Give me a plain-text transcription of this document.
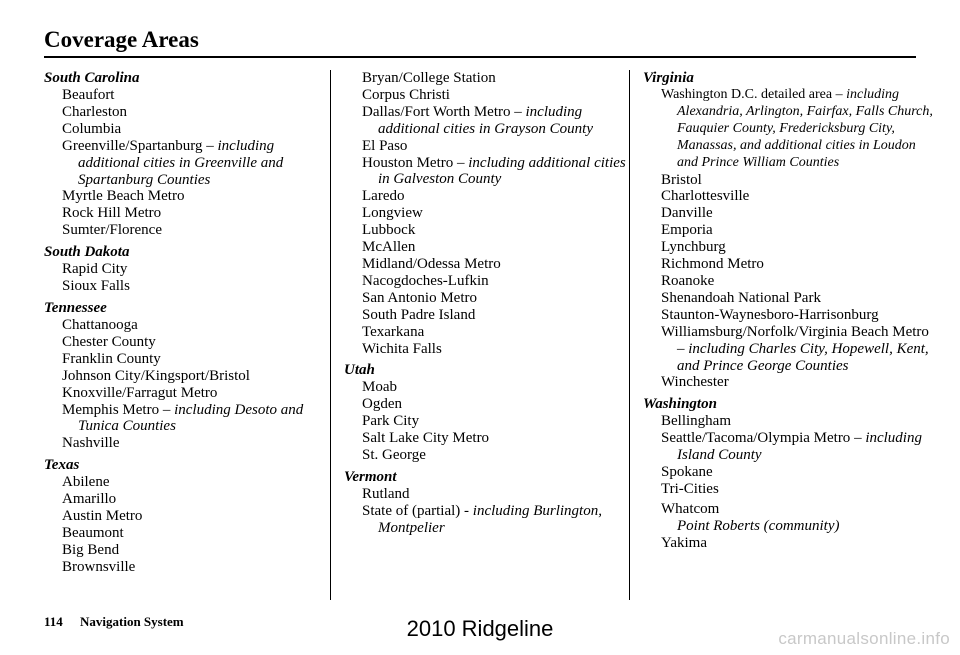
Coverage Areas
South Carolina
Beaufort
Charleston
Columbia
Greenville/Spartanburg – including additional cities in Greenville and Spartanburg Counties
Myrtle Beach Metro
Rock Hill Metro
Sumter/Florence
South Dakota
Rapid City
Sioux Falls
Tennessee
Chattanooga
Chester County
Franklin County
Johnson City/Kingsport/Bristol
Knoxville/Farragut Metro
Memphis Metro – including Desoto and Tunica Counties
Nashville
Texas
Abilene
Amarillo
Austin Metro
Beaumont
Big Bend
Brownsville
Bryan/College Station
Corpus Christi
Dallas/Fort Worth Metro – including additional cities in Grayson County
El Paso
Houston Metro – including additional cities in Galveston County
Laredo
Longview
Lubbock
McAllen
Midland/Odessa Metro
Nacogdoches-Lufkin
San Antonio Metro
South Padre Island
Texarkana
Wichita Falls
Utah
Moab
Ogden
Park City
Salt Lake City Metro
St. George
Vermont
Rutland
State of (partial) - including Burlington, Montpelier
Virginia
Washington D.C. detailed area – including Alexandria, Arlington, Fairfax, Falls Church, Fauquier County, Fredericksburg City, Manassas, and additional cities in Loudon and Prince William Counties
Bristol
Charlottesville
Danville
Emporia
Lynchburg
Richmond Metro
Roanoke
Shenandoah National Park
Staunton-Waynesboro-Harrisonburg
Williamsburg/Norfolk/Virginia Beach Metro – including Charles City, Hopewell, Kent, and Prince George Counties
Winchester
Washington
Bellingham
Seattle/Tacoma/Olympia Metro – including Island County
Spokane
Tri-Cities
Whatcom
Point Roberts (community)
Yakima
114 Navigation System	2010 Ridgeline	carmanualsonline.info
